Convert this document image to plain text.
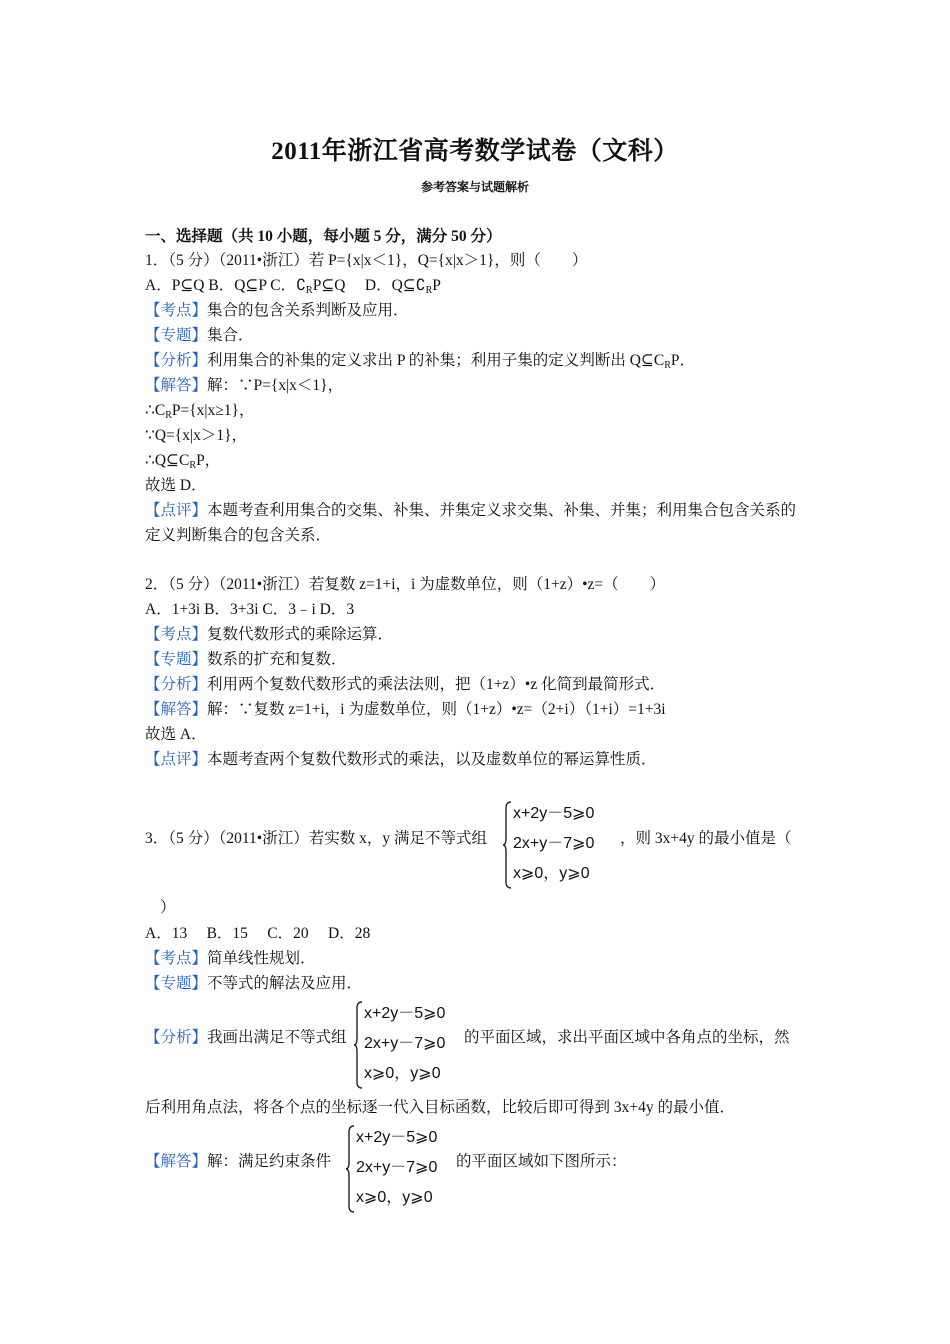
2011年浙江省高考数学试卷（文科）
参考答案与试题解析
一、选择题（共 10 小题，每小题 5 分，满分 50 分）
1．（5 分）（2011•浙江）若 P={x|x＜1}，Q={x|x＞1}，则（　　）
A．P⊆Q B．Q⊆P C．$∁_RP⊆Q$　 D．$Q⊆∁_RP$
【考点】集合的包含关系判断及应用．
【专题】集合．
【分析】利用集合的补集的定义求出 P 的补集；利用子集的定义判断出 $Q⊆C_RP$．
【解答】解：∵P={x|x＜1}，
$\therefore C_RP=\{x|x\ge 1\}$，
∵Q={x|x＞1}，
$\therefore Q⊆C_RP$，
故选 D．
【点评】本题考查利用集合的交集、补集、并集定义求交集、补集、并集；利用集合包含关系的
定义判断集合的包含关系．
2．（5 分）（2011•浙江）若复数 z=1+i，i 为虚数单位，则（1+z）•z=（　　）
A．1+3i B．3+3i C．3﹣i D．3
【考点】复数代数形式的乘除运算．
【专题】数系的扩充和复数．
【分析】利用两个复数代数形式的乘法法则，把（1+z）•z 化简到最简形式．
【解答】解：∵复数 z=1+i，i 为虚数单位，则（1+z）•z=（2+i）（1+i）=1+3i
故选 A．
【点评】本题考查两个复数代数形式的乘法，以及虚数单位的幂运算性质．
3．（5 分）（2011•浙江）若实数 x，y 满足不等式组
x+2y－5⩾0
2x+y－7⩾0
x⩾0，y⩾0
，则 3x+4y 的最小值是（
）
A．13　 B．15　 C．20　 D．28
【考点】简单线性规划．
【专题】不等式的解法及应用．
【分析】我画出满足不等式组
x+2y－5⩾0
2x+y－7⩾0
x⩾0，y⩾0
的平面区域，求出平面区域中各角点的坐标，然
后利用角点法，将各个点的坐标逐一代入目标函数，比较后即可得到 3x+4y 的最小值．
【解答】解：满足约束条件
x+2y－5⩾0
2x+y－7⩾0
x⩾0，y⩾0
的平面区域如下图所示：
